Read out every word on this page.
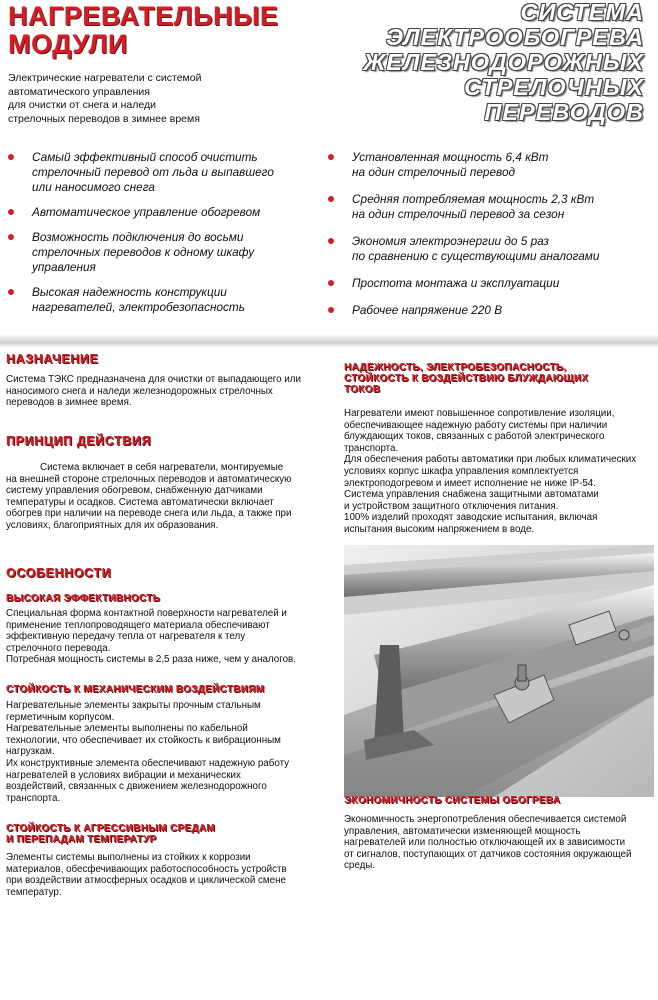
НАГРЕВАТЕЛЬНЫЕ
МОДУЛИ
Электрические нагреватели с системой
автоматического управления
для очистки от снега и наледи
стрелочных переводов в зимнее время
СИСТЕМА
ЭЛЕКТРООБОГРЕВА
ЖЕЛЕЗНОДОРОЖНЫХ
СТРЕЛОЧНЫХ
ПЕРЕВОДОВ
Самый эффективный способ очистить
стрелочный перевод от льда и выпавшего
или наносимого снега
Автоматическое управление обогревом
Возможность подключения до восьми
стрелочных переводов к одному шкафу
управления
Высокая надежность конструкции
нагревателей, электробезопасность
Установленная мощность 6,4 кВт
на один стрелочный перевод
Средняя потребляемая мощность 2,3 кВт
на один стрелочный перевод за сезон
Экономия электроэнергии до 5 раз
по сравнению с существующими аналогами
Простота монтажа и эксплуатации
Рабочее напряжение 220 В
НАЗНАЧЕНИЕ
Система ТЭКС предназначена для очистки от выпадающего или
наносимого снега и наледи железнодорожных стрелочных
переводов в зимнее время.
ПРИНЦИП ДЕЙСТВИЯ
Система включает в себя нагреватели, монтируемые
на внешней стороне стрелочных переводов и автоматическую
систему управления обогревом, снабженную датчиками
температуры и осадков. Система автоматически включает
обогрев при наличии на переводе снега или льда, а также при
условиях, благоприятных для их образования.
ОСОБЕННОСТИ
ВЫСОКАЯ ЭФФЕКТИВНОСТЬ
Специальная форма контактной поверхности нагревателей и
применение теплопроводящего материала обеспечивают
эффективную передачу тепла от нагревателя к телу
стрелочного перевода.
Потребная мощность системы в 2,5 раза ниже, чем у аналогов.
СТОЙКОСТЬ К МЕХАНИЧЕСКИМ ВОЗДЕЙСТВИЯМ
Нагревательные элементы закрыты прочным стальным
герметичным корпусом.
Нагревательные элементы выполнены по кабельной
технологии, что обеспечивает их стойкость к вибрационным
нагрузкам.
Их конструктивные элемента обеспечивают надежную работу
нагревателей в условиях вибрации и механических
воздействий, связанных с движением железнодорожного
транспорта.
СТОЙКОСТЬ К АГРЕССИВНЫМ СРЕДАМ
И ПЕРЕПАДАМ ТЕМПЕРАТУР
Элементы системы выполнены из стойких к коррозии
материалов, обесфечивающих работоспособность устройств
при воздействии атмосферных осадков и циклической смене
температур.
НАДЕЖНОСТЬ, ЭЛЕКТРОБЕЗОПАСНОСТЬ,
СТОЙКОСТЬ К ВОЗДЕЙСТВИЮ БЛУЖДАЮЩИХ
ТОКОВ
Нагреватели имеют повышенное сопротивление изоляции,
обеспечивающее надежную работу системы при наличии
блуждающих токов, связанных с работой электрического
транспорта.
Для обеспечения работы автоматики при любых климатических
условиях корпус шкафа управления комплектуется
электроподогревом и имеет исполнение не ниже IP-54.
Система управления снабжена защитными автоматами
и устройством защитного отключения питания.
100% изделий проходят заводские испытания, включая
испытания высоким напряжением в воде.
ЭКОНОМИЧНОСТЬ СИСТЕМЫ ОБОГРЕВА
Экономичность энергопотребления обеспечивается системой
управления, автоматически изменяющей мощность
нагревателей или полностью отключающей их в зависимости
от сигналов, поступающих от датчиков состояния окружающей
среды.
